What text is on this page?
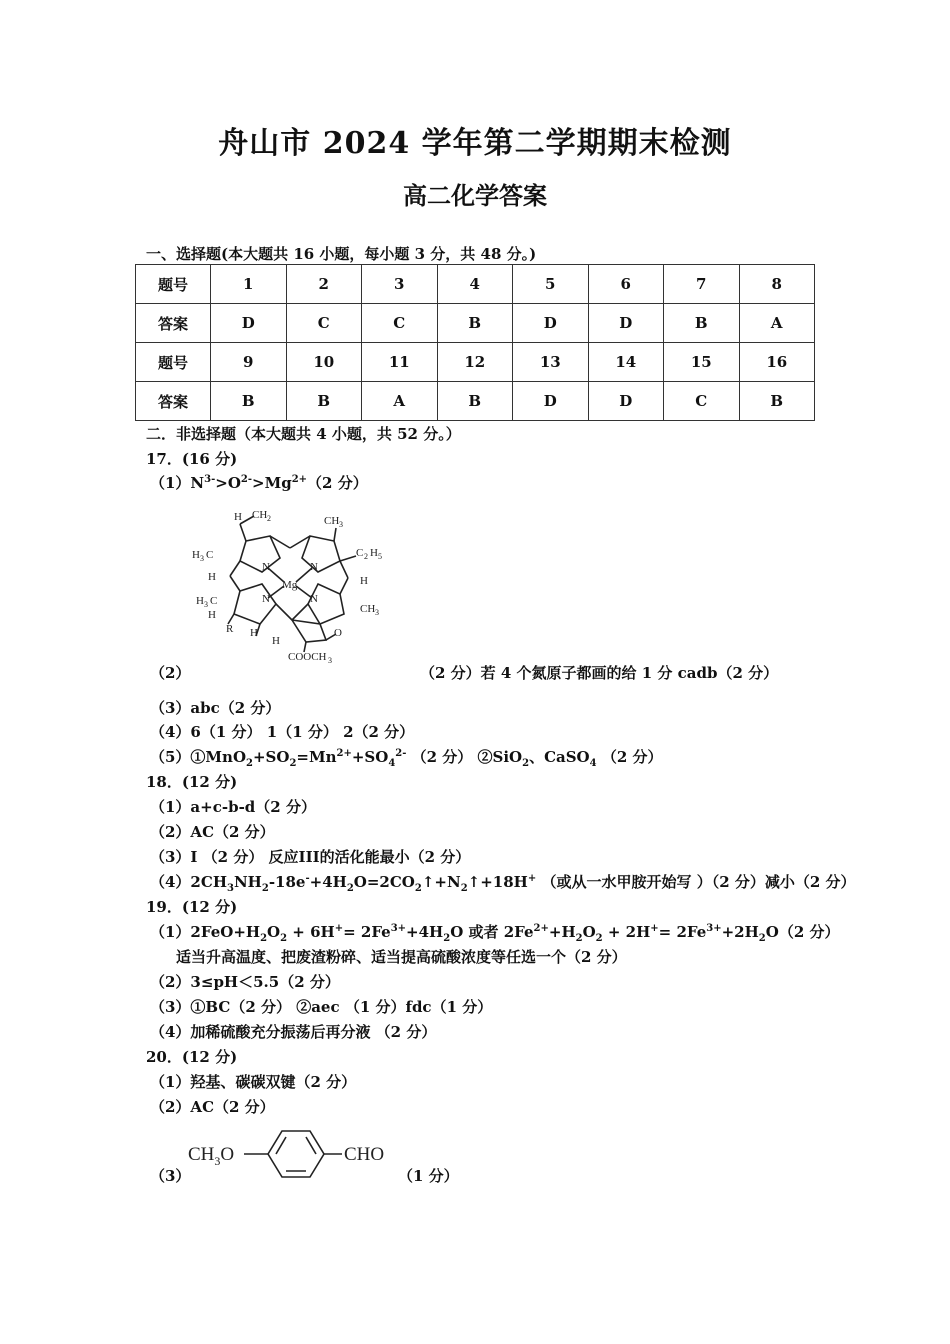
舟山市 2024 学年第二学期期末检测
高二化学答案
一、选择题(本大题共 16 小题，每小题 3 分，共 48 分。)
题号	1	2	3	4	5	6	7	8
答案	D	C	C	B	D	D	B	A
题号	9	10	11	12	13	14	15	16
答案	B	B	A	B	D	D	C	B
二．非选择题（本大题共 4 小题，共 52 分。）
17．(16 分)
$(1)N^{3-}>O^{2-}>Mg^{2+}(2$ 分）
H CH 2	CH 3
H 3 C	C 2 H 5
H	H
H 3 C
CH 3
H
R H
H
O
COOCH 3
N	N
N	N
Mg
（2）	（2 分）若 4 个氮原子都画的给 1 分 cadb（2 分）
（3）abc（2 分）
（4）6（1 分） 1（1 分） 2（2 分）
$(5)①MnO_2+SO_2=Mn^{2+}+SO_4^{2-}$ （2 分） ②SiO$_2$、CaSO$_4$ （2 分）
18．(12 分)
（1）a+c-b-d（2 分）
（2）AC（2 分）
（3）I （2 分） 反应III的活化能最小（2 分）
$(4)2CH_3NH_2-18e^-+4H_2O=2CO_2↑+N_2↑+18H^+$ （或从一水甲胺开始写 ）（2 分）减小（2 分）
19．(12 分)
$(1)2FeO+H_2O_2 + 6H^+= 2Fe^{3+}+4H_2O$ 或者 $2Fe^{2+}+H_2O_2 + 2H^+= 2Fe^{3+}+2H_2O(2$ 分）
适当升高温度、把废渣粉碎、适当提高硫酸浓度等任选一个（2 分）
（2）3≤pH＜5.5（2 分）
（3）①BC（2 分） ②aec （1 分）fdc（1 分）
（4）加稀硫酸充分振荡后再分液 （2 分）
20．(12 分)
（1）羟基、碳碳双键（2 分）
（2）AC（2 分）
$CH_3O$	CHO
（3）	（1 分）
